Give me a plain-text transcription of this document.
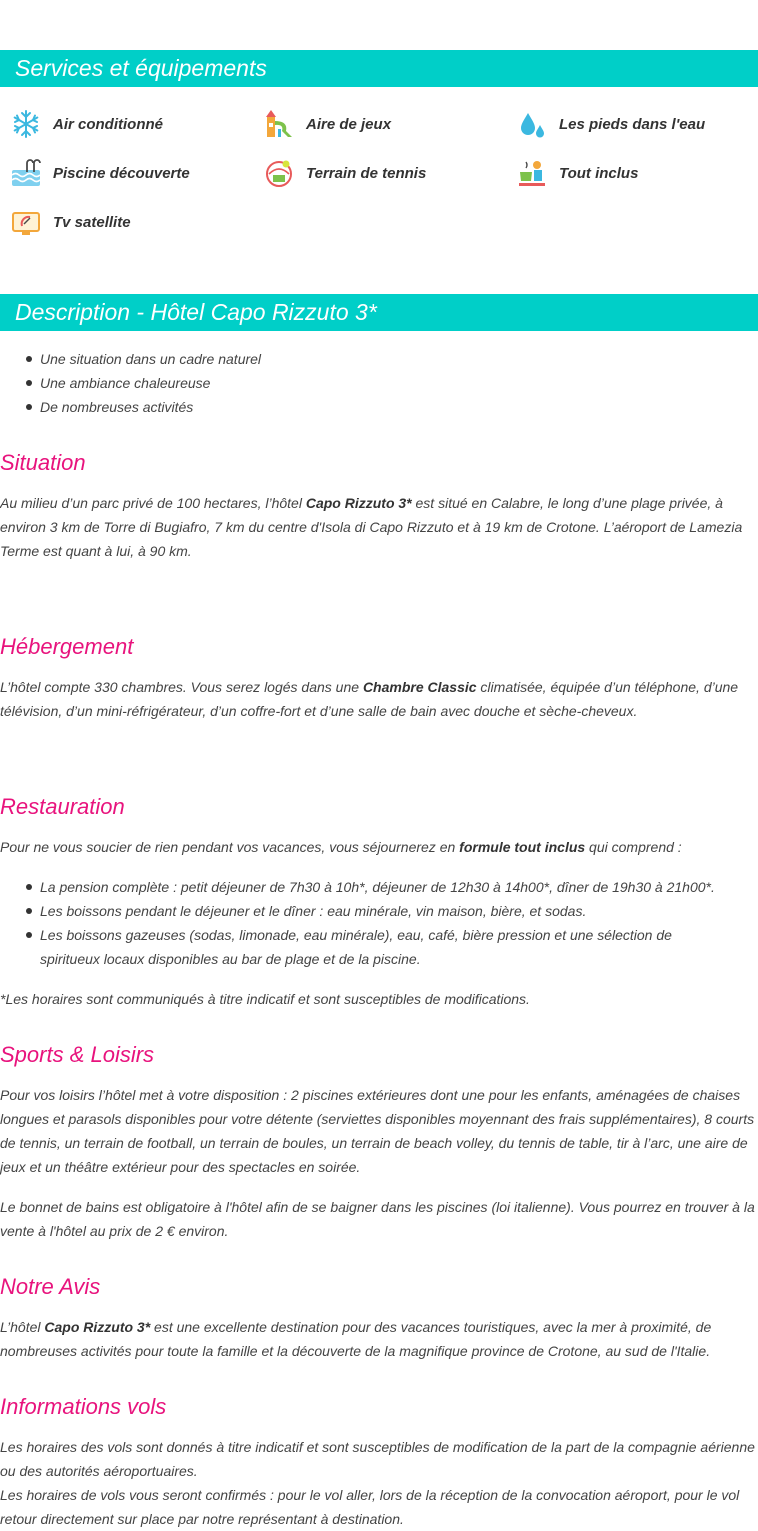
Services et équipements
Air conditionné	Aire de jeux	Les pieds dans l'eau
Piscine découverte	Terrain de tennis	Tout inclus
Tv satellite
Description - Hôtel Capo Rizzuto 3*
Une situation dans un cadre naturel
Une ambiance chaleureuse
De nombreuses activités
Situation

Au milieu d’un parc privé de 100 hectares, l’hôtel Capo Rizzuto 3* est situé en Calabre, le long d’une plage privée, à environ 3 km de Torre di Bugiafro, 7 km du centre d'Isola di Capo Rizzuto et à 19 km de Crotone. L’aéroport de Lamezia Terme est quant à lui, à 90 km.

Hébergement

L’hôtel compte 330 chambres. Vous serez logés dans une Chambre Classic climatisée, équipée d’un téléphone, d’une télévision, d’un mini-réfrigérateur, d’un coffre-fort et d’une salle de bain avec douche et sèche-cheveux.

Restauration

Pour ne vous soucier de rien pendant vos vacances, vous séjournerez en formule tout inclus qui comprend :

La pension complète : petit déjeuner de 7h30 à 10h*, déjeuner de 12h30 à 14h00*, dîner de 19h30 à 21h00*.
Les boissons pendant le déjeuner et le dîner : eau minérale, vin maison, bière, et sodas.
Les boissons gazeuses (sodas, limonade, eau minérale), eau, café, bière pression et une sélection de spiritueux locaux disponibles au bar de plage et de la piscine.

*Les horaires sont communiqués à titre indicatif et sont susceptibles de modifications.

Sports & Loisirs

Pour vos loisirs l’hôtel met à votre disposition : 2 piscines extérieures dont une pour les enfants, aménagées de chaises longues et parasols disponibles pour votre détente (serviettes disponibles moyennant des frais supplémentaires), 8 courts de tennis, un terrain de football, un terrain de boules, un terrain de beach volley, du tennis de table, tir à l’arc, une aire de jeux et un théâtre extérieur pour des spectacles en soirée.

Le bonnet de bains est obligatoire à l'hôtel afin de se baigner dans les piscines (loi italienne). Vous pourrez en trouver à la vente à l'hôtel au prix de 2 € environ.

Notre Avis

L’hôtel Capo Rizzuto 3* est une excellente destination pour des vacances touristiques, avec la mer à proximité, de nombreuses activités pour toute la famille et la découverte de la magnifique province de Crotone, au sud de l'Italie.

Informations vols

Les horaires des vols sont donnés à titre indicatif et sont susceptibles de modification de la part de la compagnie aérienne ou des autorités aéroportuaires.

Les horaires de vols vous seront confirmés : pour le vol aller, lors de la réception de la convocation aéroport, pour le vol retour directement sur place par notre représentant à destination.
